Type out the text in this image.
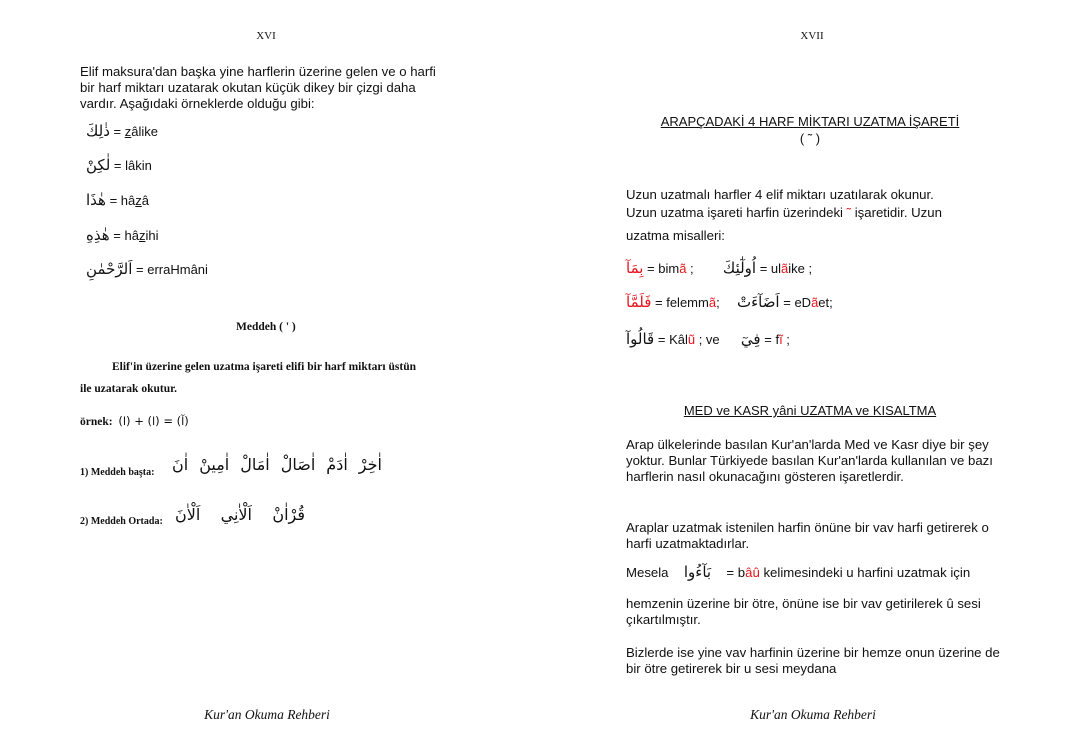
XVI
Elif maksura'dan başka yine harflerin üzerine gelen ve o harfi bir harf miktarı uzatarak okutan küçük dikey bir çizgi daha vardır. Aşağıdaki örneklerde olduğu gibi:
ذٰلِكَ = zâlike
لٰكِنْ = lâkin
هٰذَا = hâzâ
هٰذِهِ = hâzihi
اَلرَّحْمٰنِ = erraHmâni
Meddeh ( ' )
Elif'in üzerine gelen uzatma işareti elifi bir harf miktarı üstün
ile uzatarak okutur.
örnek: (ا) + (ا) = (آ)
1) Meddeh başta:	اٰخِرْ
اٰدَمْ
اٰصَالْ
اٰمَالْ
اٰمِينْ
اٰنَ
2) Meddeh Ortada:	قُرْاٰنْ
اَلْاٰنِي
اَلْاٰنَ
Kur'an Okuma Rehberi
XVII
ARAPÇADAKİ 4 HARF MİKTARI UZATMA İŞARETİ
( ˜ )
Uzun uzatmalı harfler 4 elif miktarı uzatılarak okunur.
Uzun uzatma işareti harfin üzerindeki ˜ işaretidir. Uzun
uzatma misalleri:
بِمَآ = bimã ; اُولٰٓئِكَ = ulãike ;
فَلَمَّآ = felemmã; اَضَآءَتْ = eDãet;
قَالُوآ = Kâlũ ; ve فِيٓ = fĩ ;
MED ve KASR yâni UZATMA ve KISALTMA
Arap ülkelerinde basılan Kur'an'larda Med ve Kasr diye bir şey yoktur. Bunlar Türkiyede basılan Kur'an'larda kullanılan ve bazı harflerin nasıl okunacağını gösteren işaretlerdir.
Araplar uzatmak istenilen harfin önüne bir vav harfi getirerek o harfi uzatmaktadırlar.
Mesela بَآءُوا = bâû kelimesindeki u harfini uzatmak için
hemzenin üzerine bir ötre, önüne ise bir vav getirilerek û sesi çıkartılmıştır.
Bizlerde ise yine vav harfinin üzerine bir hemze onun üzerine de bir ötre getirerek bir u sesi meydana
Kur'an Okuma Rehberi
